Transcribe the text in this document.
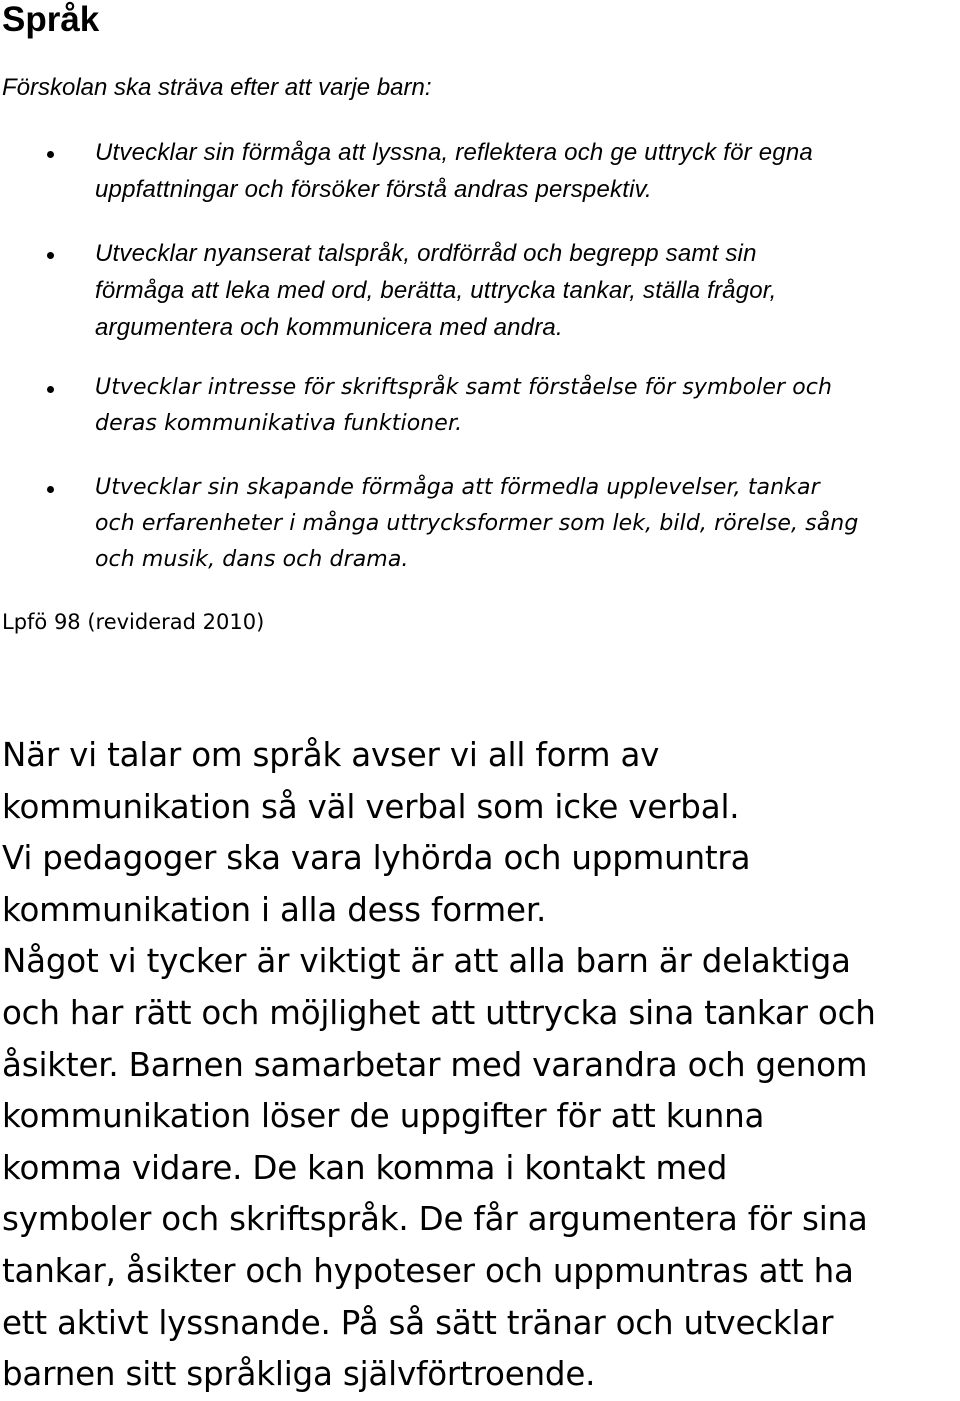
Språk

Förskolan ska sträva efter att varje barn:

Utvecklar sin förmåga att lyssna, reflektera och ge uttryck för egna
uppfattningar och försöker förstå andras perspektiv.

Utvecklar nyanserat talspråk, ordförråd och begrepp samt sin
förmåga att leka med ord, berätta, uttrycka tankar, ställa frågor,
argumentera och kommunicera med andra.

Utvecklar intresse för skriftspråk samt förståelse för symboler och
deras kommunikativa funktioner.

Utvecklar sin skapande förmåga att förmedla upplevelser, tankar
och erfarenheter i många uttrycksformer som lek, bild, rörelse, sång
och musik, dans och drama.

Lpfö 98 (reviderad 2010)

När vi talar om språk avser vi all form av
kommunikation så väl verbal som icke verbal.
Vi pedagoger ska vara lyhörda och uppmuntra
kommunikation i alla dess former.
Något vi tycker är viktigt är att alla barn är delaktiga
och har rätt och möjlighet att uttrycka sina tankar och
åsikter. Barnen samarbetar med varandra och genom
kommunikation löser de uppgifter för att kunna
komma vidare. De kan komma i kontakt med
symboler och skriftspråk. De får argumentera för sina
tankar, åsikter och hypoteser och uppmuntras att ha
ett aktivt lyssnande. På så sätt tränar och utvecklar
barnen sitt språkliga självförtroende.
